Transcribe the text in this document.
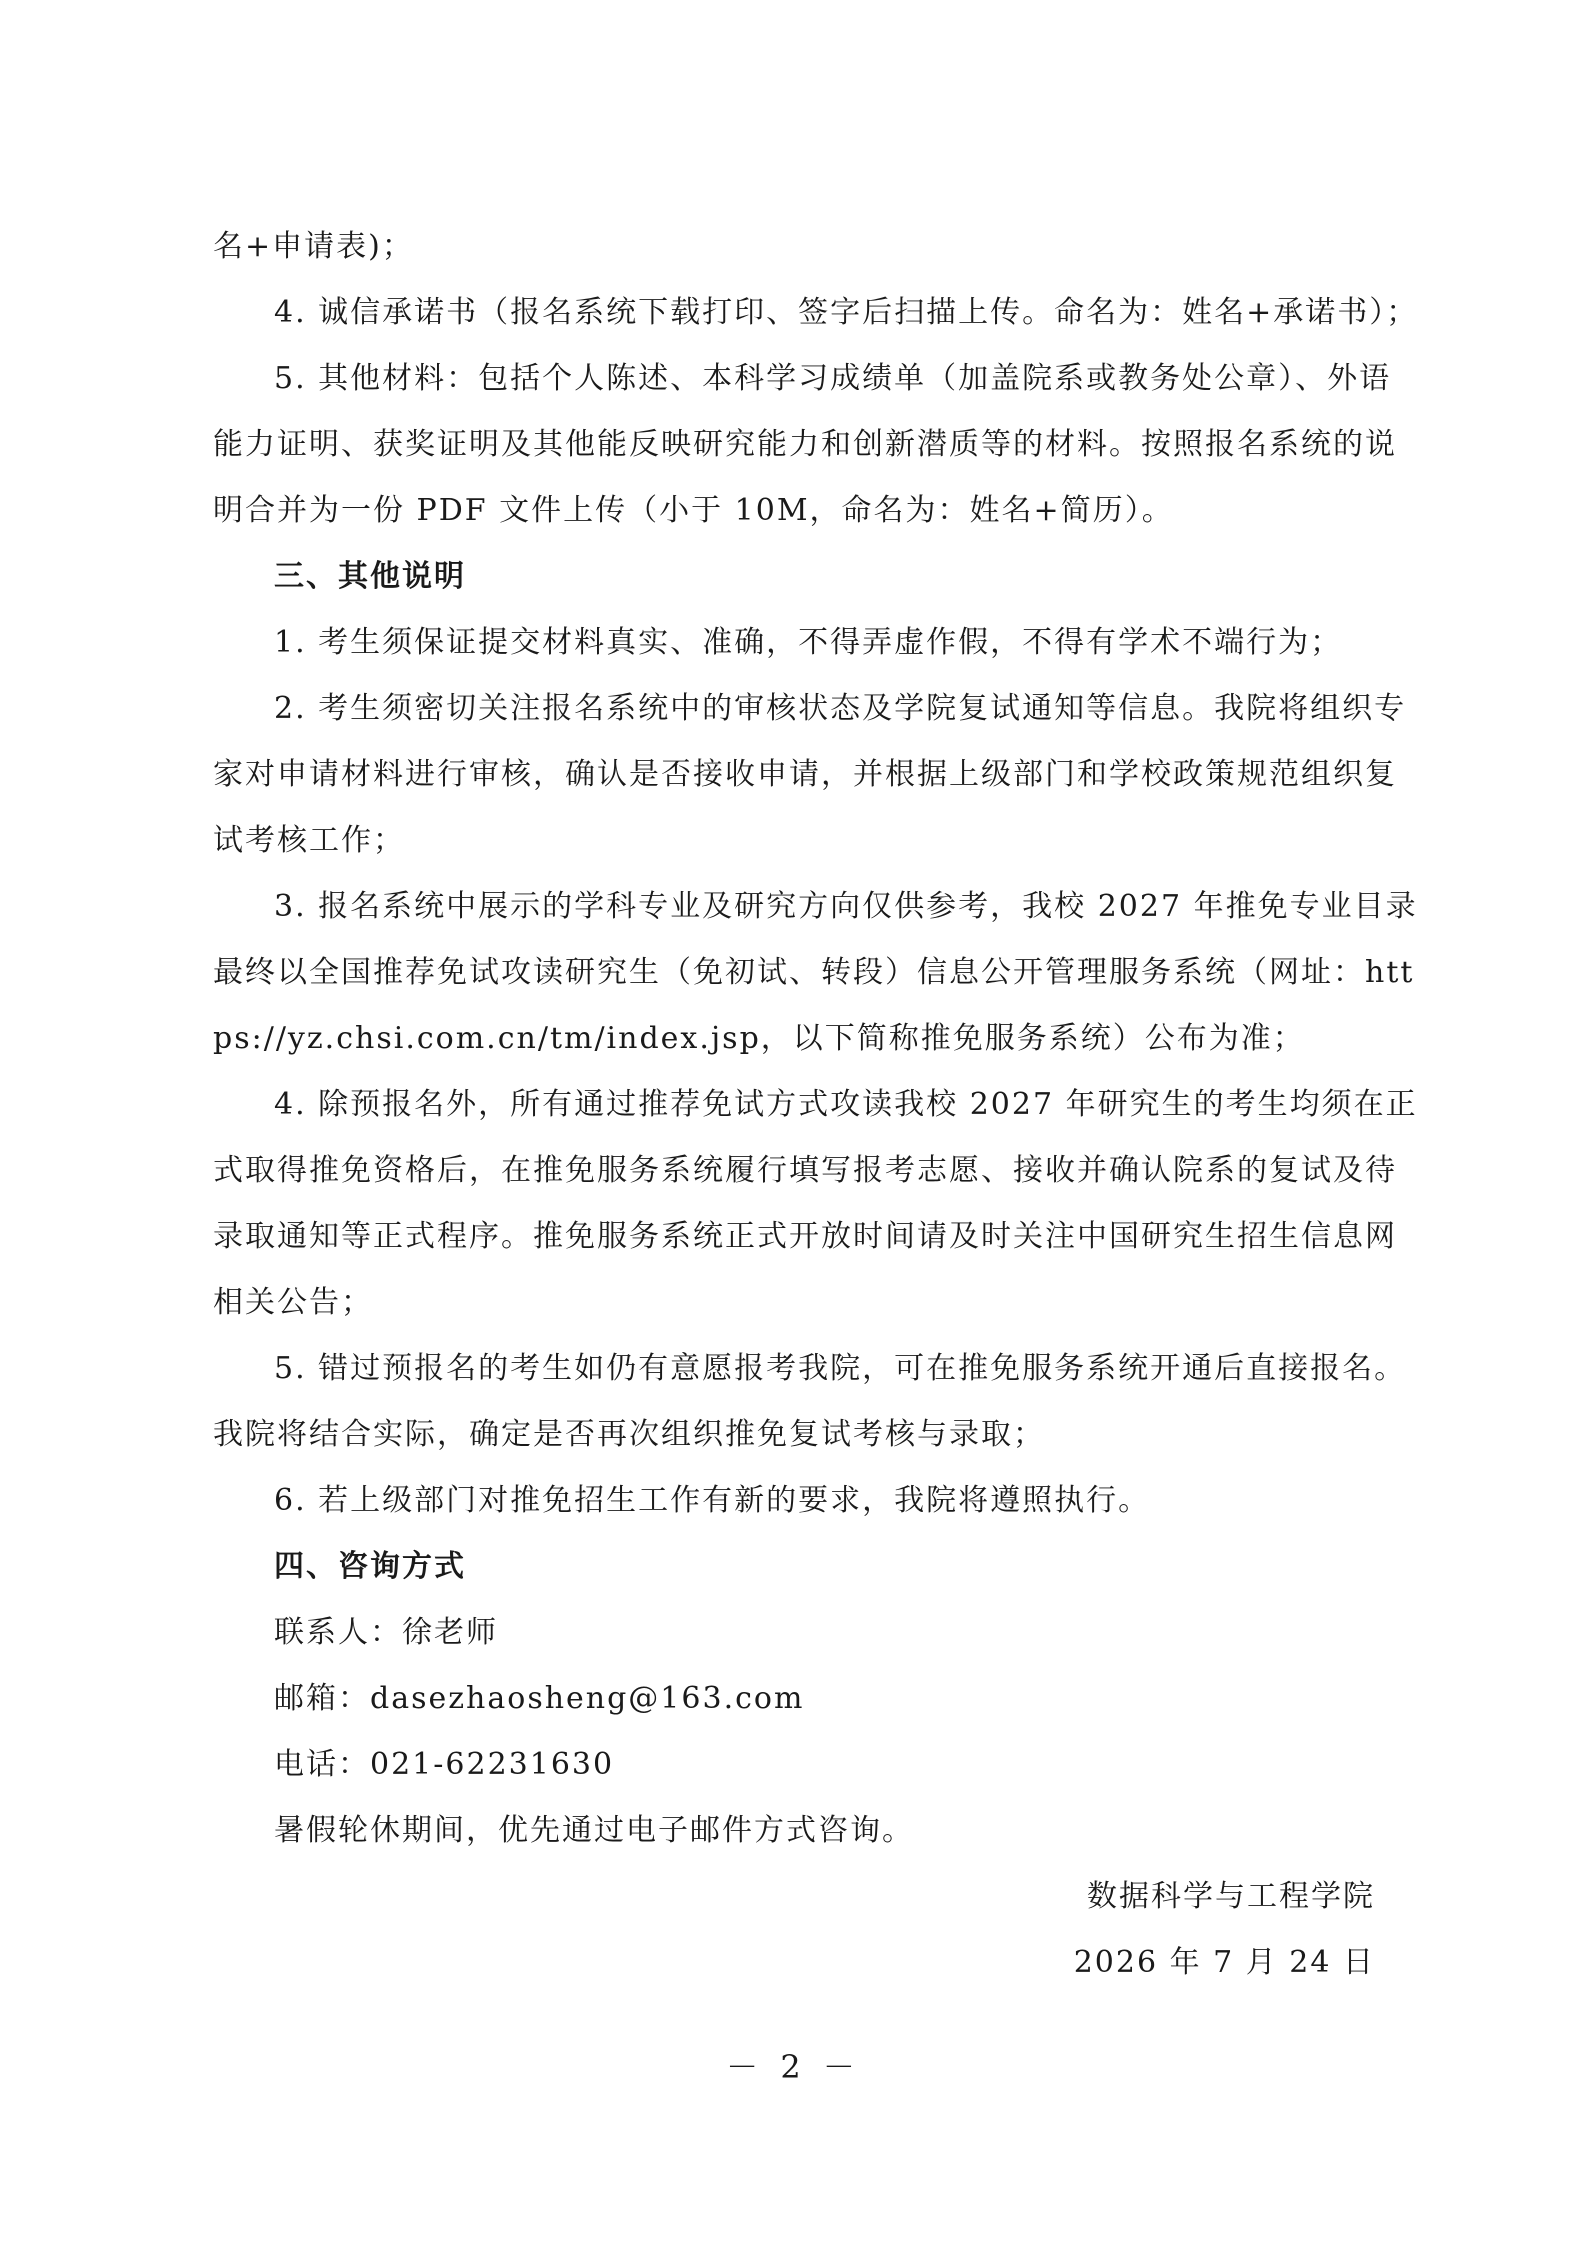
名+申请表)；
4. 诚信承诺书（报名系统下载打印、签字后扫描上传。命名为：姓名+承诺书）；
5. 其他材料：包括个人陈述、本科学习成绩单（加盖院系或教务处公章）、外语
能力证明、获奖证明及其他能反映研究能力和创新潜质等的材料。按照报名系统的说
明合并为一份 PDF 文件上传（小于 10M，命名为：姓名+简历）。
三、其他说明
1. 考生须保证提交材料真实、准确，不得弄虚作假，不得有学术不端行为；
2. 考生须密切关注报名系统中的审核状态及学院复试通知等信息。我院将组织专
家对申请材料进行审核，确认是否接收申请，并根据上级部门和学校政策规范组织复
试考核工作；
3. 报名系统中展示的学科专业及研究方向仅供参考，我校 2027 年推免专业目录
最终以全国推荐免试攻读研究生（免初试、转段）信息公开管理服务系统（网址：htt
ps://yz.chsi.com.cn/tm/index.jsp，以下简称推免服务系统）公布为准；
4. 除预报名外，所有通过推荐免试方式攻读我校 2027 年研究生的考生均须在正
式取得推免资格后，在推免服务系统履行填写报考志愿、接收并确认院系的复试及待
录取通知等正式程序。推免服务系统正式开放时间请及时关注中国研究生招生信息网
相关公告；
5. 错过预报名的考生如仍有意愿报考我院，可在推免服务系统开通后直接报名。
我院将结合实际，确定是否再次组织推免复试考核与录取；
6. 若上级部门对推免招生工作有新的要求，我院将遵照执行。
四、咨询方式
联系人：徐老师
邮箱：dasezhaosheng@163.com
电话：021-62231630
暑假轮休期间，优先通过电子邮件方式咨询。
数据科学与工程学院
2026 年 7 月 24 日
－ 2 －
